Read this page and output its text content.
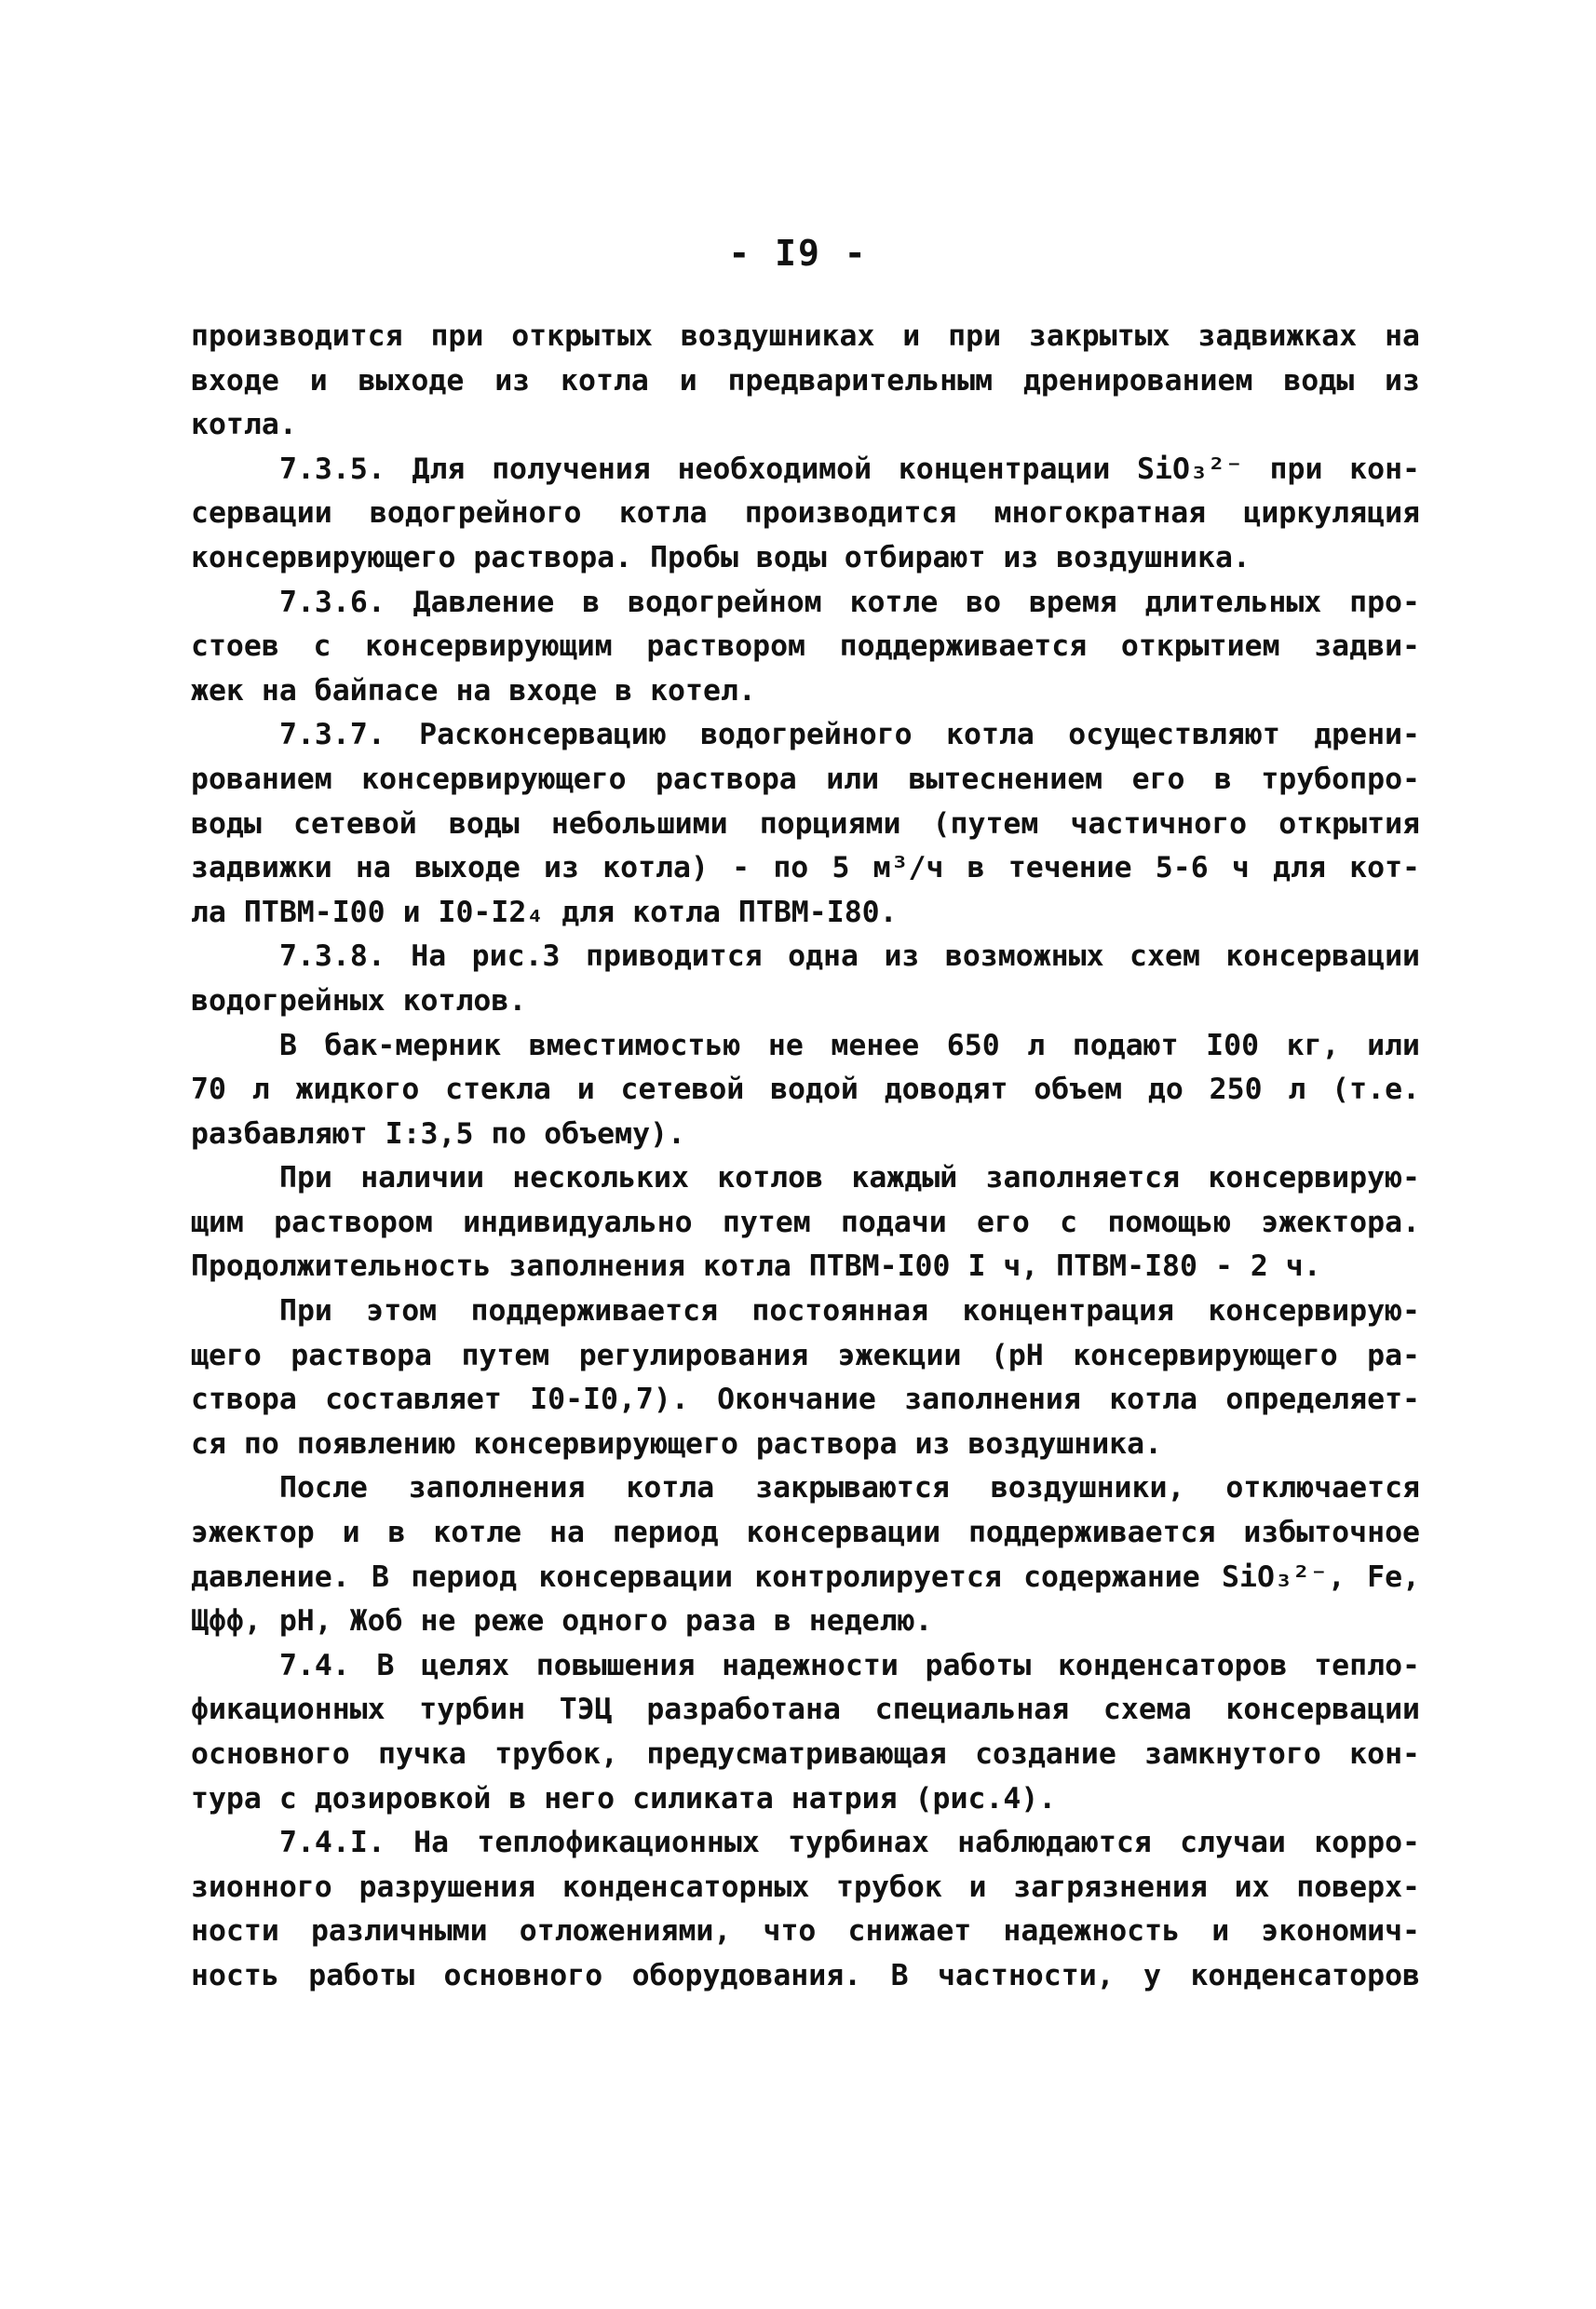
- I9 -
производится при открытых воздушниках и при закрытых задвижках на
входе и выходе из котла и предварительным дренированием воды из
котла.
7.3.5. Для получения необходимой концентрации SiO₃²⁻ при кон-
сервации водогрейного котла производится многократная циркуляция
консервирующего раствора. Пробы воды отбирают из воздушника.
7.3.6. Давление в водогрейном котле во время длительных про-
стоев с консервирующим раствором поддерживается открытием задви-
жек на байпасе на входе в котел.
7.3.7. Расконсервацию водогрейного котла осуществляют дрени-
рованием консервирующего раствора или вытеснением его в трубопро-
воды сетевой воды небольшими порциями (путем частичного открытия
задвижки на выходе из котла) - по 5 м³/ч в течение 5-6 ч для кот-
ла ПТВМ-I00 и I0-I2₄ для котла ПТВМ-I80.
7.3.8. На рис.3 приводится одна из возможных схем консервации
водогрейных котлов.
В бак-мерник вместимостью не менее 650 л подают I00 кг, или
70 л жидкого стекла и сетевой водой доводят объем до 250 л (т.е.
разбавляют I:3,5 по объему).
При наличии нескольких котлов каждый заполняется консервирую-
щим раствором индивидуально путем подачи его с помощью эжектора.
Продолжительность заполнения котла ПТВМ-I00 I ч, ПТВМ-I80 - 2 ч.
При этом поддерживается постоянная концентрация консервирую-
щего раствора путем регулирования эжекции (рН консервирующего ра-
створа составляет I0-I0,7). Окончание заполнения котла определяет-
ся по появлению консервирующего раствора из воздушника.
После заполнения котла закрываются воздушники, отключается
эжектор и в котле на период консервации поддерживается избыточное
давление. В период консервации контролируется содержание SiO₃²⁻, Fe,
Щфф, рН, Жоб не реже одного раза в неделю.
7.4. В целях повышения надежности работы конденсаторов тепло-
фикационных турбин ТЭЦ разработана специальная схема консервации
основного пучка трубок, предусматривающая создание замкнутого кон-
тура с дозировкой в него силиката натрия (рис.4).
7.4.I. На теплофикационных турбинах наблюдаются случаи корро-
зионного разрушения конденсаторных трубок и загрязнения их поверх-
ности различными отложениями, что снижает надежность и экономич-
ность работы основного оборудования. В частности, у конденсаторов
